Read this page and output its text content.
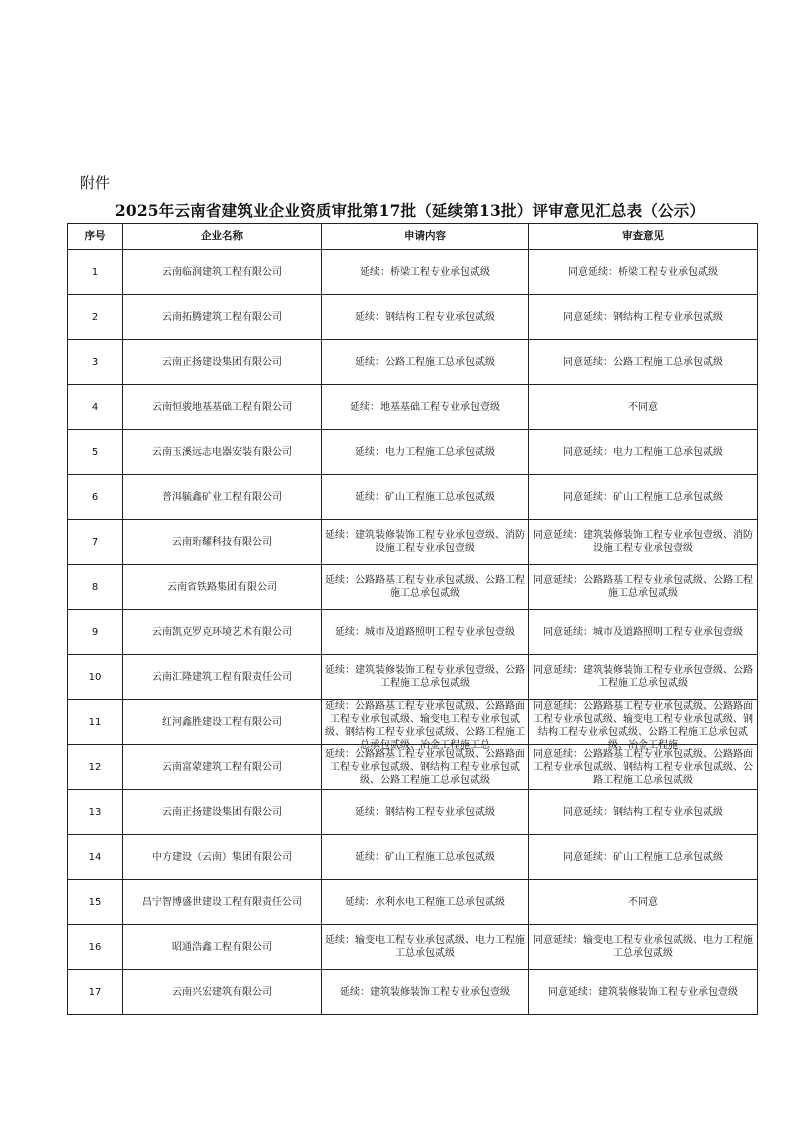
附件
2025年云南省建筑业企业资质审批第17批（延续第13批）评审意见汇总表（公示）
序号	企业名称	申请内容	审查意见
1	云南临润建筑工程有限公司	延续：桥梁工程专业承包贰级	同意延续：桥梁工程专业承包贰级
2	云南拓腾建筑工程有限公司	延续：钢结构工程专业承包贰级	同意延续：钢结构工程专业承包贰级
3	云南正扬建设集团有限公司	延续：公路工程施工总承包贰级	同意延续：公路工程施工总承包贰级
4	云南恒骏地基基础工程有限公司	延续：地基基础工程专业承包壹级	不同意
5	云南玉溪远志电器安装有限公司	延续：电力工程施工总承包贰级	同意延续：电力工程施工总承包贰级
6	普洱毓鑫矿业工程有限公司	延续：矿山工程施工总承包贰级	同意延续：矿山工程施工总承包贰级
7	云南珩耀科技有限公司	延续：建筑装修装饰工程专业承包壹级、消防设施工程专业承包壹级	同意延续：建筑装修装饰工程专业承包壹级、消防设施工程专业承包壹级
8	云南省铁路集团有限公司	延续：公路路基工程专业承包贰级、公路工程施工总承包贰级	同意延续：公路路基工程专业承包贰级、公路工程施工总承包贰级
9	云南凯克罗克环境艺术有限公司	延续：城市及道路照明工程专业承包壹级	同意延续：城市及道路照明工程专业承包壹级
10	云南汇隆建筑工程有限责任公司	延续：建筑装修装饰工程专业承包壹级、公路工程施工总承包贰级	同意延续：建筑装修装饰工程专业承包壹级、公路工程施工总承包贰级
11	红河鑫胜建设工程有限公司	延续：公路路基工程专业承包贰级、公路路面工程专业承包贰级、输变电工程专业承包贰级、钢结构工程专业承包贰级、公路工程施工总承包贰级、冶金工程施工总	同意延续：公路路基工程专业承包贰级、公路路面工程专业承包贰级、输变电工程专业承包贰级、钢结构工程专业承包贰级、公路工程施工总承包贰级、冶金工程施

12	云南富蒙建筑工程有限公司	延续：公路路基工程专业承包贰级、公路路面工程专业承包贰级、钢结构工程专业承包贰级、公路工程施工总承包贰级	同意延续：公路路基工程专业承包贰级、公路路面工程专业承包贰级、钢结构工程专业承包贰级、公路工程施工总承包贰级
13	云南正扬建设集团有限公司	延续：钢结构工程专业承包贰级	同意延续：钢结构工程专业承包贰级
14	中方建设（云南）集团有限公司	延续：矿山工程施工总承包贰级	同意延续：矿山工程施工总承包贰级
15	昌宁智博盛世建设工程有限责任公司	延续：水利水电工程施工总承包贰级	不同意
16	昭通浩鑫工程有限公司	延续：输变电工程专业承包贰级、电力工程施工总承包贰级	同意延续：输变电工程专业承包贰级、电力工程施工总承包贰级
17	云南兴宏建筑有限公司	延续：建筑装修装饰工程专业承包壹级	同意延续：建筑装修装饰工程专业承包壹级
